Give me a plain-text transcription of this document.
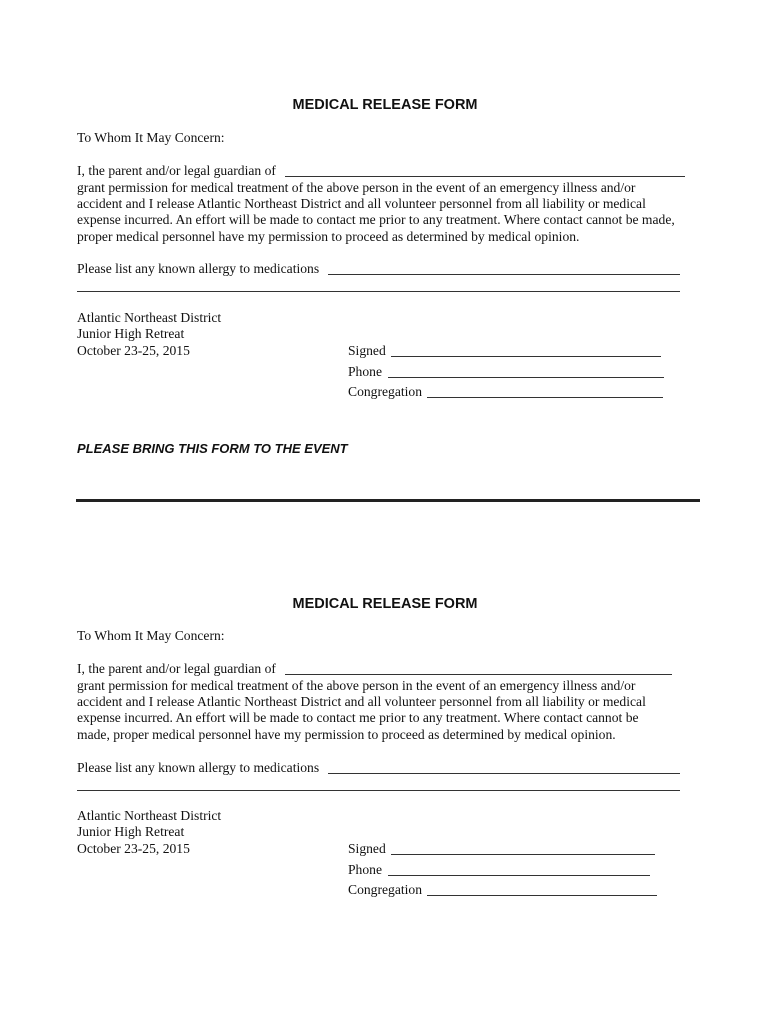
MEDICAL RELEASE FORM
To Whom It May Concern:
I, the parent and/or legal guardian of
grant permission for medical treatment of the above person in the event of an emergency illness and/or
accident and I release Atlantic Northeast District and all volunteer personnel from all liability or medical
expense incurred. An effort will be made to contact me prior to any treatment. Where contact cannot be made,
proper medical personnel have my permission to proceed as determined by medical opinion.
Please list any known allergy to medications
Atlantic Northeast District
Junior High Retreat
October 23-25, 2015	Signed
Phone
Congregation
PLEASE BRING THIS FORM TO THE EVENT
MEDICAL RELEASE FORM
To Whom It May Concern:
I, the parent and/or legal guardian of
grant permission for medical treatment of the above person in the event of an emergency illness and/or
accident and I release Atlantic Northeast District and all volunteer personnel from all liability or medical
expense incurred. An effort will be made to contact me prior to any treatment. Where contact cannot be
made, proper medical personnel have my permission to proceed as determined by medical opinion.
Please list any known allergy to medications
Atlantic Northeast District
Junior High Retreat
October 23-25, 2015	Signed
Phone
Congregation
